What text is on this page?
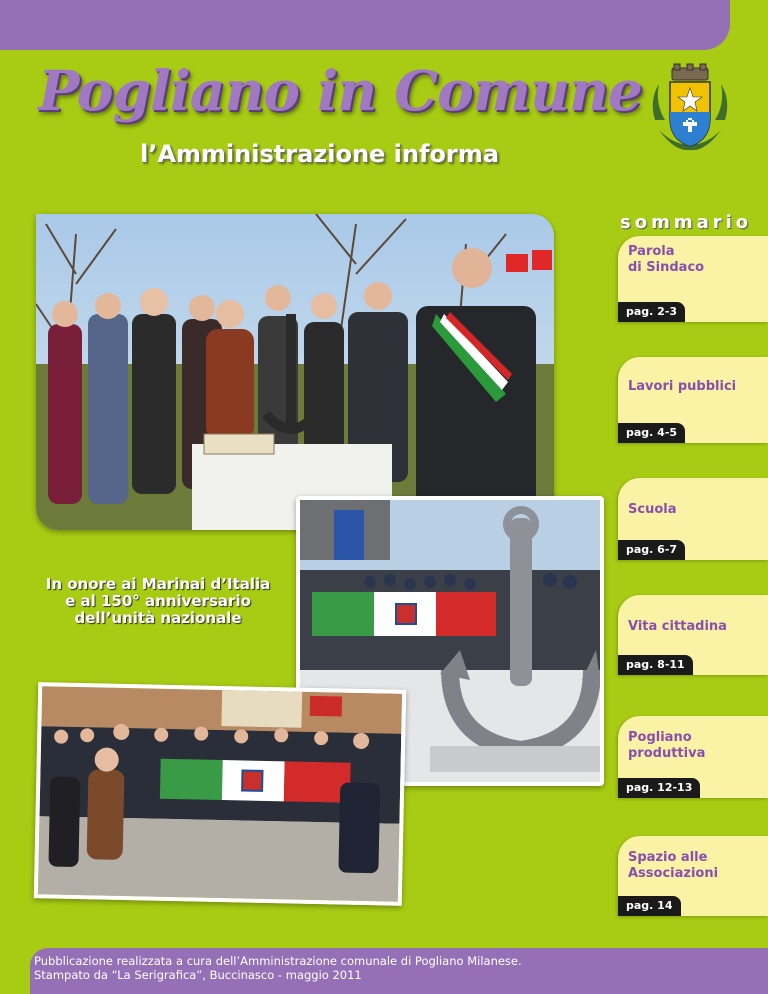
Pogliano in Comune
l’Amministrazione informa
In onore ai Marinai d’Italia
e al 150° anniversario
dell’unità nazionale
sommario
Parola
di Sindaco
pag. 2-3
Lavori pubblici
pag. 4-5
Scuola
pag. 6-7
Vita cittadina
pag. 8-11
Pogliano
produttiva
pag. 12-13
Spazio alle
Associazioni
pag. 14

Pubblicazione realizzata a cura dell’Amministrazione comunale di Pogliano Milanese.

Stampato da “La Serigrafica”, Buccinasco - maggio 2011
